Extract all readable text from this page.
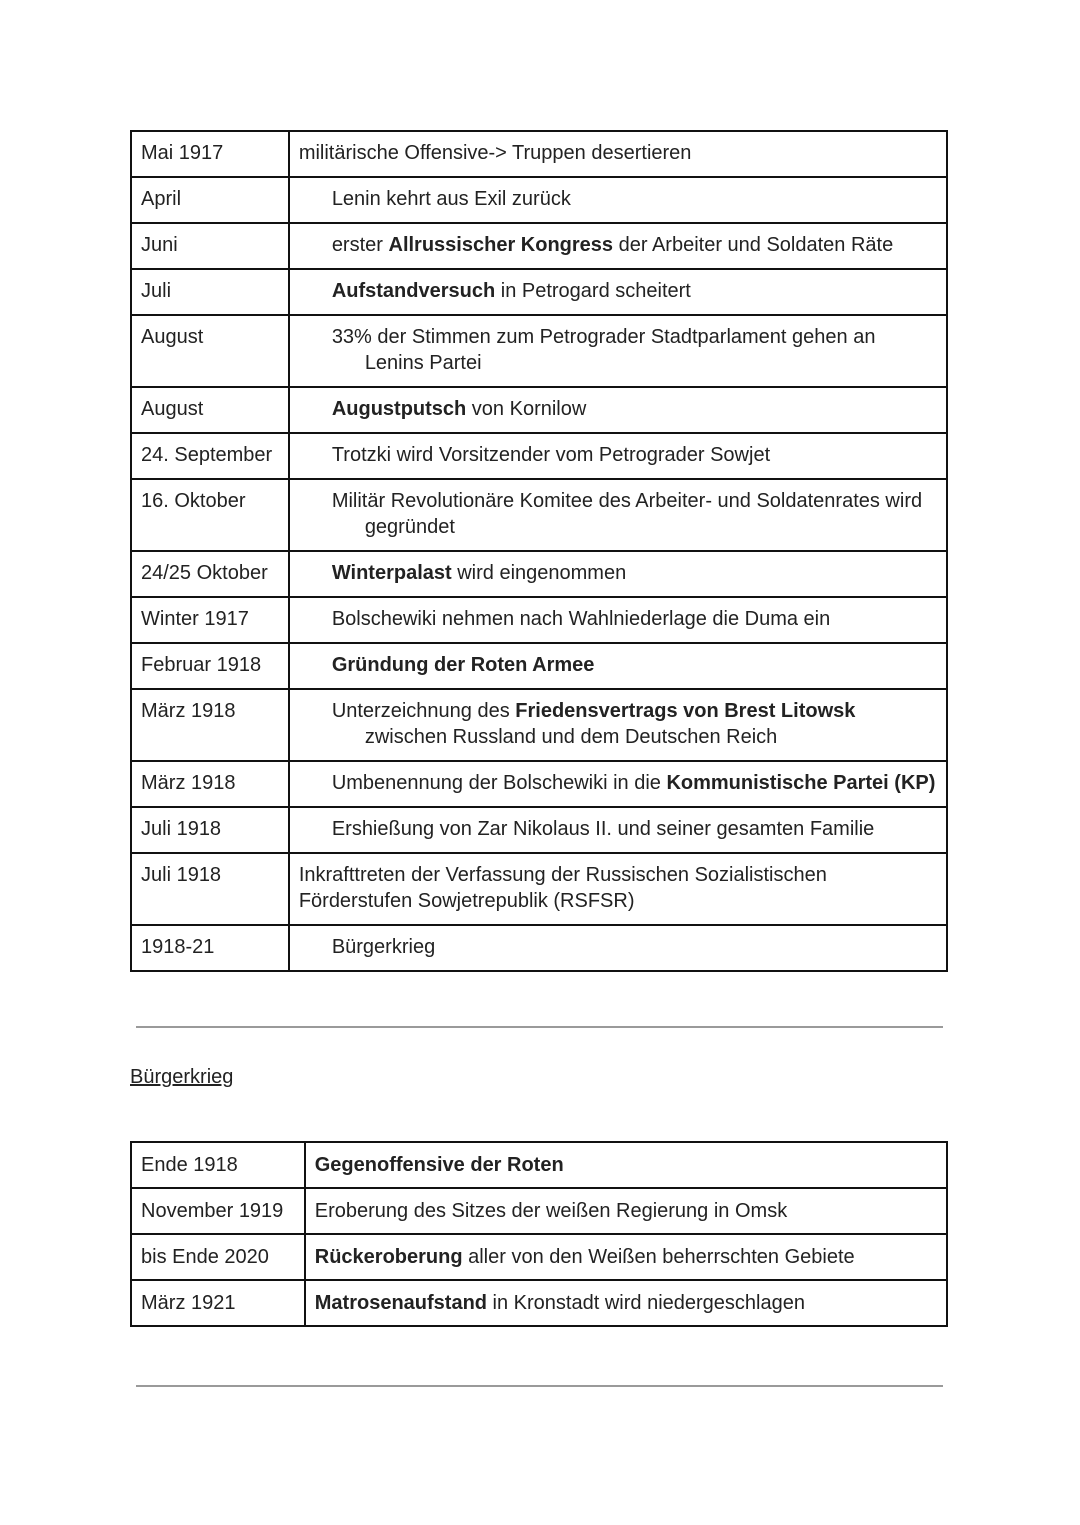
Mai 1917	militärische Offensive-> Truppen desertieren
April	Lenin kehrt aus Exil zurück

Juni	erster Allrussischer Kongress der Arbeiter und Soldaten Räte

Juli	Aufstandversuch in Petrogard scheitert

August	33% der Stimmen zum Petrograder Stadtparlament gehen an Lenins Partei

August	Augustputsch von Kornilow

24. September	Trotzki wird Vorsitzender vom Petrograder Sowjet

16. Oktober	Militär Revolutionäre Komitee des Arbeiter- und Soldatenrates wird gegründet

24/25 Oktober	Winterpalast wird eingenommen

Winter 1917	Bolschewiki nehmen nach Wahlniederlage die Duma ein

Februar 1918	Gründung der Roten Armee

März 1918	Unterzeichnung des Friedensvertrags von Brest Litowsk zwischen Russland und dem Deutschen Reich

März 1918	Umbenennung der Bolschewiki in die Kommunistische Partei (KP)

Juli 1918	Ershießung von Zar Nikolaus II. und seiner gesamten Familie

Juli 1918	Inkrafttreten der Verfassung der Russischen Sozialistischen Förderstufen Sowjetrepublik (RSFSR)
1918-21	Bürgerkrieg
Bürgerkrieg
Ende 1918	Gegenoffensive der Roten
November 1919	Eroberung des Sitzes der weißen Regierung in Omsk
bis Ende 2020	Rückeroberung aller von den Weißen beherrschten Gebiete
März 1921	Matrosenaufstand in Kronstadt wird niedergeschlagen
